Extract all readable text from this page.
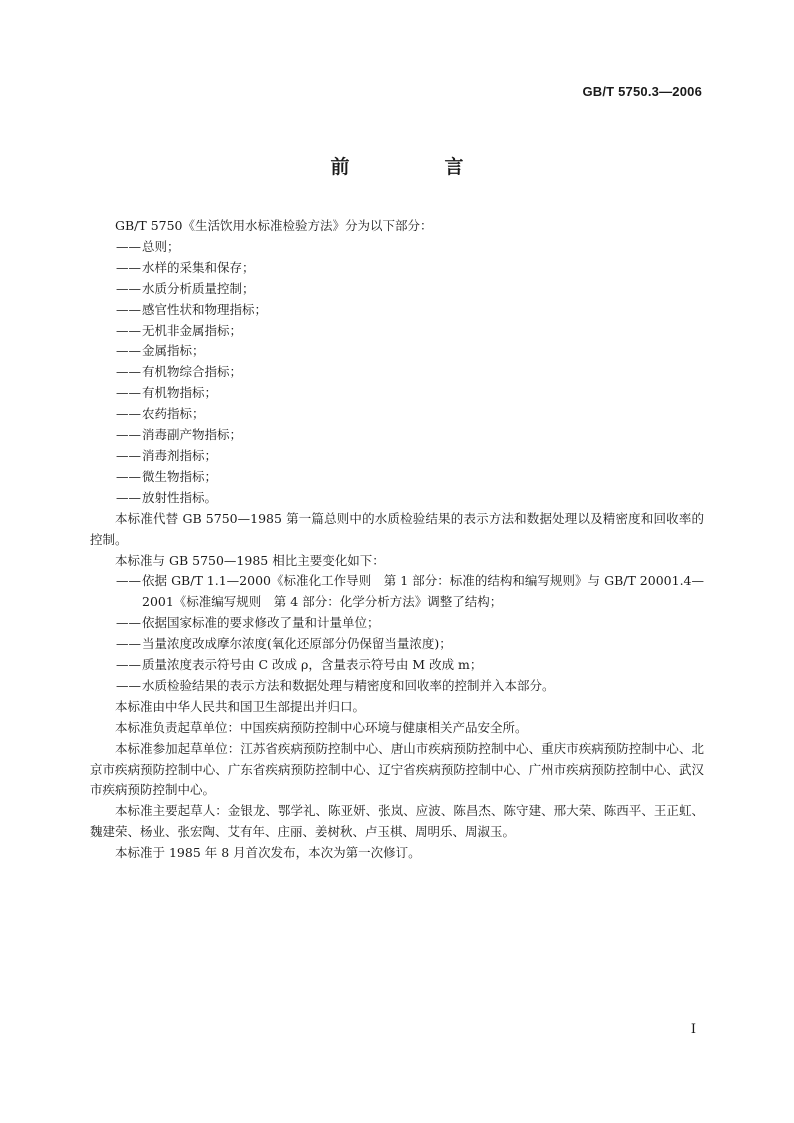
GB/T 5750.3—2006
前　言

GB/T 5750《生活饮用水标准检验方法》分为以下部分：

——总则；

——水样的采集和保存；

——水质分析质量控制；

——感官性状和物理指标；

——无机非金属指标；

——金属指标；

——有机物综合指标；

——有机物指标；

——农药指标；

——消毒副产物指标；

——消毒剂指标；

——微生物指标；

——放射性指标。

本标准代替 GB 5750—1985 第一篇总则中的水质检验结果的表示方法和数据处理以及精密度和回收率的控制。

本标准与 GB 5750—1985 相比主要变化如下：

——依据 GB/T 1.1—2000《标准化工作导则　第 1 部分：标准的结构和编写规则》与 GB/T 20001.4—2001《标准编写规则　第 4 部分：化学分析方法》调整了结构；

——依据国家标准的要求修改了量和计量单位；

——当量浓度改成摩尔浓度(氧化还原部分仍保留当量浓度)；

——质量浓度表示符号由 C 改成 ρ，含量表示符号由 M 改成 m；

——水质检验结果的表示方法和数据处理与精密度和回收率的控制并入本部分。

本标准由中华人民共和国卫生部提出并归口。

本标准负责起草单位：中国疾病预防控制中心环境与健康相关产品安全所。

本标准参加起草单位：江苏省疾病预防控制中心、唐山市疾病预防控制中心、重庆市疾病预防控制中心、北京市疾病预防控制中心、广东省疾病预防控制中心、辽宁省疾病预防控制中心、广州市疾病预防控制中心、武汉市疾病预防控制中心。

本标准主要起草人：金银龙、鄂学礼、陈亚妍、张岚、应波、陈昌杰、陈守建、邢大荣、陈西平、王正虹、魏建荣、杨业、张宏陶、艾有年、庄丽、姜树秋、卢玉棋、周明乐、周淑玉。

本标准于 1985 年 8 月首次发布，本次为第一次修订。

I
